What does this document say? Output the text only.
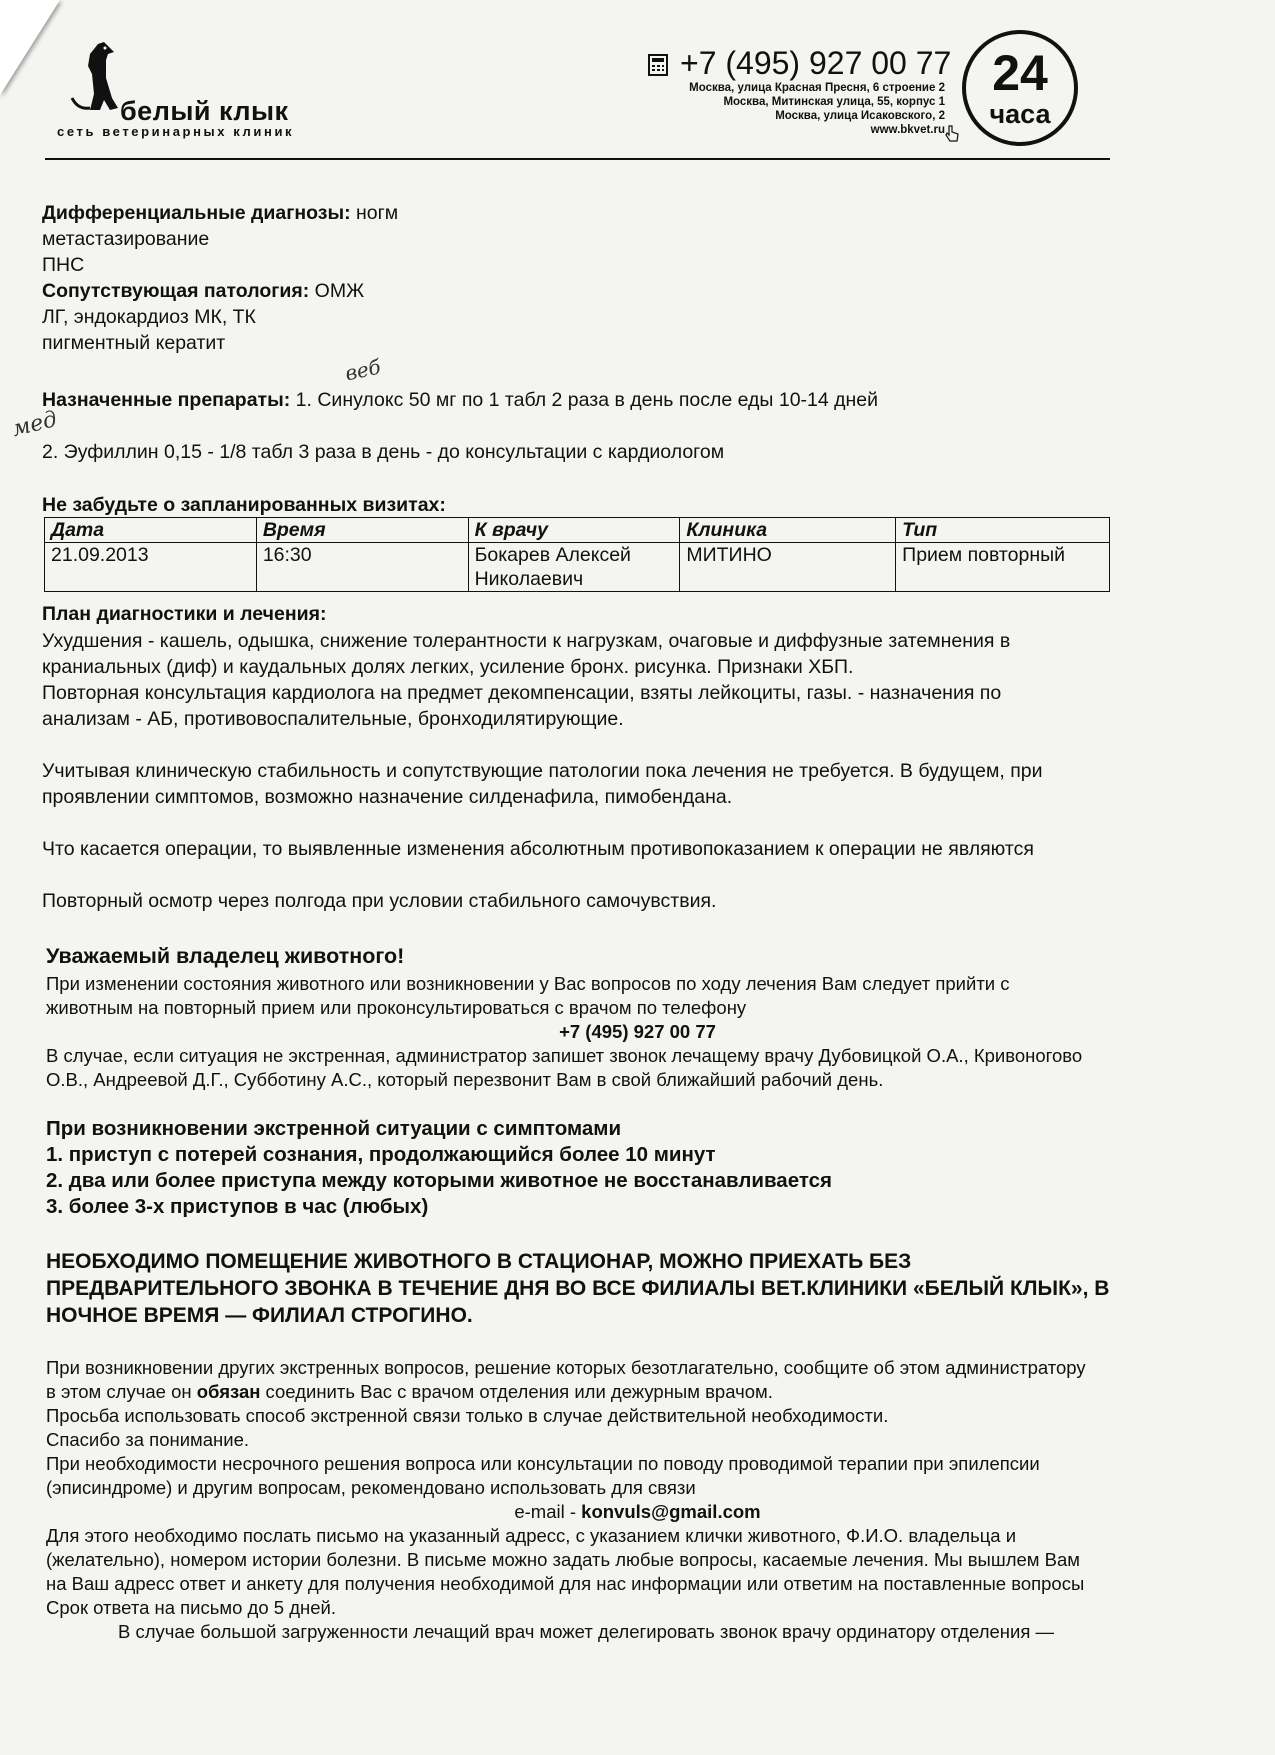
белый клык
сеть ветеринарных клиник
+7 (495) 927 00 77
Москва, улица Красная Пресня, 6 строение 2
Москва, Митинская улица, 55, корпус 1
Москва, улица Исаковского, 2
www.bkvet.ru
24
часа
Дифференциальные диагнозы: ногм
метастазирование
ПНС
Сопутствующая патология: ОМЖ
ЛГ, эндокардиоз МК, ТК
пигментный кератит
веб
Назначенные препараты: 1. Синулокс 50 мг по 1 табл 2 раза в день после еды 10-14 дней
мед
2. Эуфиллин 0,15 - 1/8 табл 3 раза в день - до консультации с кардиологом
Не забудьте о запланированных визитах:
Дата	Время	К врачу	Клиника	Тип
21.09.2013	16:30	Бокарев Алексей Николаевич	МИТИНО	Прием повторный
План диагностики и лечения:
Ухудшения - кашель, одышка, снижение толерантности к нагрузкам, очаговые и диффузные затемнения в
краниальных (диф) и каудальных долях легких, усиление бронх. рисунка. Признаки ХБП.
Повторная консультация кардиолога на предмет декомпенсации, взяты лейкоциты, газы. - назначения по
анализам - АБ, противовоспалительные, бронходилятирующие.
Учитывая клиническую стабильность и сопутствующие патологии пока лечения не требуется. В будущем, при
проявлении симптомов, возможно назначение силденафила, пимобендана.
Что касается операции, то выявленные изменения абсолютным противопоказанием к операции не являются
Повторный осмотр через полгода при условии стабильного самочувствия.
Уважаемый владелец животного!
При изменении состояния животного или возникновении у Вас вопросов по ходу лечения Вам следует прийти с
животным на повторный прием или проконсультироваться с врачом по телефону
+7 (495) 927 00 77
В случае, если ситуация не экстренная, администратор запишет звонок лечащему врачу Дубовицкой О.А., Кривоногово
О.В., Андреевой Д.Г., Субботину А.С., который перезвонит Вам в свой ближайший рабочий день.
При возникновении экстренной ситуации с симптомами
1. приступ с потерей сознания, продолжающийся более 10 минут
2. два или более приступа между которыми животное не восстанавливается
3. более 3-х приступов в час (любых)
НЕОБХОДИМО ПОМЕЩЕНИЕ ЖИВОТНОГО В СТАЦИОНАР, МОЖНО ПРИЕХАТЬ БЕЗ
ПРЕДВАРИТЕЛЬНОГО ЗВОНКА В ТЕЧЕНИЕ ДНЯ ВО ВСЕ ФИЛИАЛЫ ВЕТ.КЛИНИКИ «БЕЛЫЙ КЛЫК», В
НОЧНОЕ ВРЕМЯ — ФИЛИАЛ СТРОГИНО.
При возникновении других экстренных вопросов, решение которых безотлагательно, сообщите об этом администратору
в этом случае он обязан соединить Вас с врачом отделения или дежурным врачом.
Просьба использовать способ экстренной связи только в случае действительной необходимости.
Спасибо за понимание.
При необходимости несрочного решения вопроса или консультации по поводу проводимой терапии при эпилепсии
(эписиндроме) и другим вопросам, рекомендовано использовать для связи
e-mail - konvuls@gmail.com
Для этого необходимо послать письмо на указанный адресс, с указанием клички животного, Ф.И.О. владельца и
(желательно), номером истории болезни. В письме можно задать любые вопросы, касаемые лечения. Мы вышлем Вам
на Ваш адресс ответ и анкету для получения необходимой для нас информации или ответим на поставленные вопросы
Срок ответа на письмо до 5 дней.
В случае большой загруженности лечащий врач может делегировать звонок врачу ординатору отделения —
